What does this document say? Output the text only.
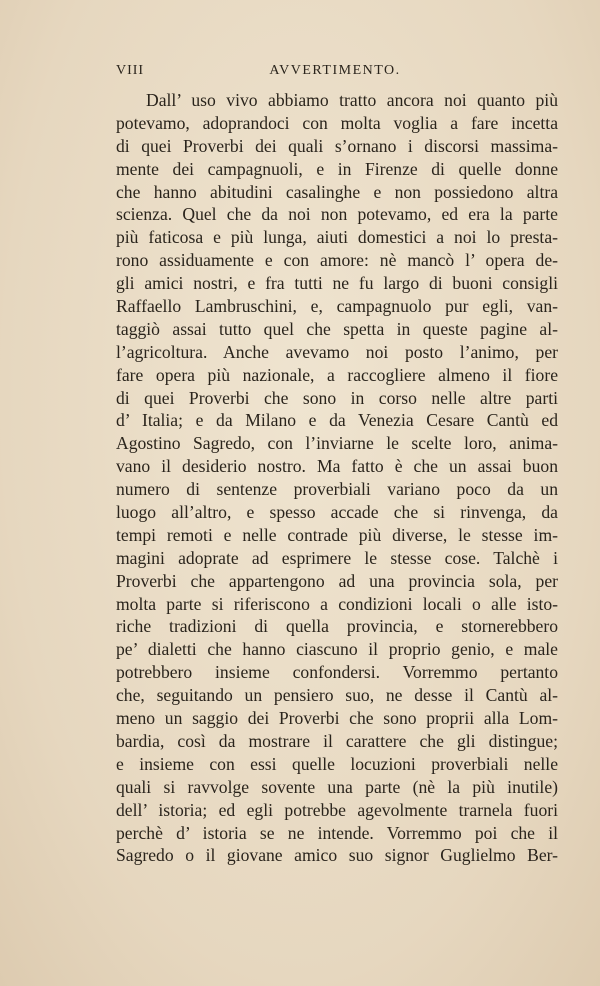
VIII	AVVERTIMENTO.
Dall’ uso vivo abbiamo tratto ancora noi quanto più
potevamo, adoprandoci con molta voglia a fare incetta
di quei Proverbi dei quali s’ornano i discorsi massima-
mente dei campagnuoli, e in Firenze di quelle donne
che hanno abitudini casalinghe e non possiedono altra
scienza. Quel che da noi non potevamo, ed era la parte
più faticosa e più lunga, aiuti domestici a noi lo presta-
rono assiduamente e con amore: nè mancò l’ opera de-
gli amici nostri, e fra tutti ne fu largo di buoni consigli
Raffaello Lambruschini, e, campagnuolo pur egli, van-
taggiò assai tutto quel che spetta in queste pagine al-
l’agricoltura. Anche avevamo noi posto l’animo, per
fare opera più nazionale, a raccogliere almeno il fiore
di quei Proverbi che sono in corso nelle altre parti
d’ Italia; e da Milano e da Venezia Cesare Cantù ed
Agostino Sagredo, con l’inviarne le scelte loro, anima-
vano il desiderio nostro. Ma fatto è che un assai buon
numero di sentenze proverbiali variano poco da un
luogo all’altro, e spesso accade che si rinvenga, da
tempi remoti e nelle contrade più diverse, le stesse im-
magini adoprate ad esprimere le stesse cose. Talchè i
Proverbi che appartengono ad una provincia sola, per
molta parte si riferiscono a condizioni locali o alle isto-
riche tradizioni di quella provincia, e stornerebbero
pe’ dialetti che hanno ciascuno il proprio genio, e male
potrebbero insieme confondersi. Vorremmo pertanto
che, seguitando un pensiero suo, ne desse il Cantù al-
meno un saggio dei Proverbi che sono proprii alla Lom-
bardia, così da mostrare il carattere che gli distingue;
e insieme con essi quelle locuzioni proverbiali nelle
quali si ravvolge sovente una parte (nè la più inutile)
dell’ istoria; ed egli potrebbe agevolmente trarnela fuori
perchè d’ istoria se ne intende. Vorremmo poi che il
Sagredo o il giovane amico suo signor Guglielmo Ber-
